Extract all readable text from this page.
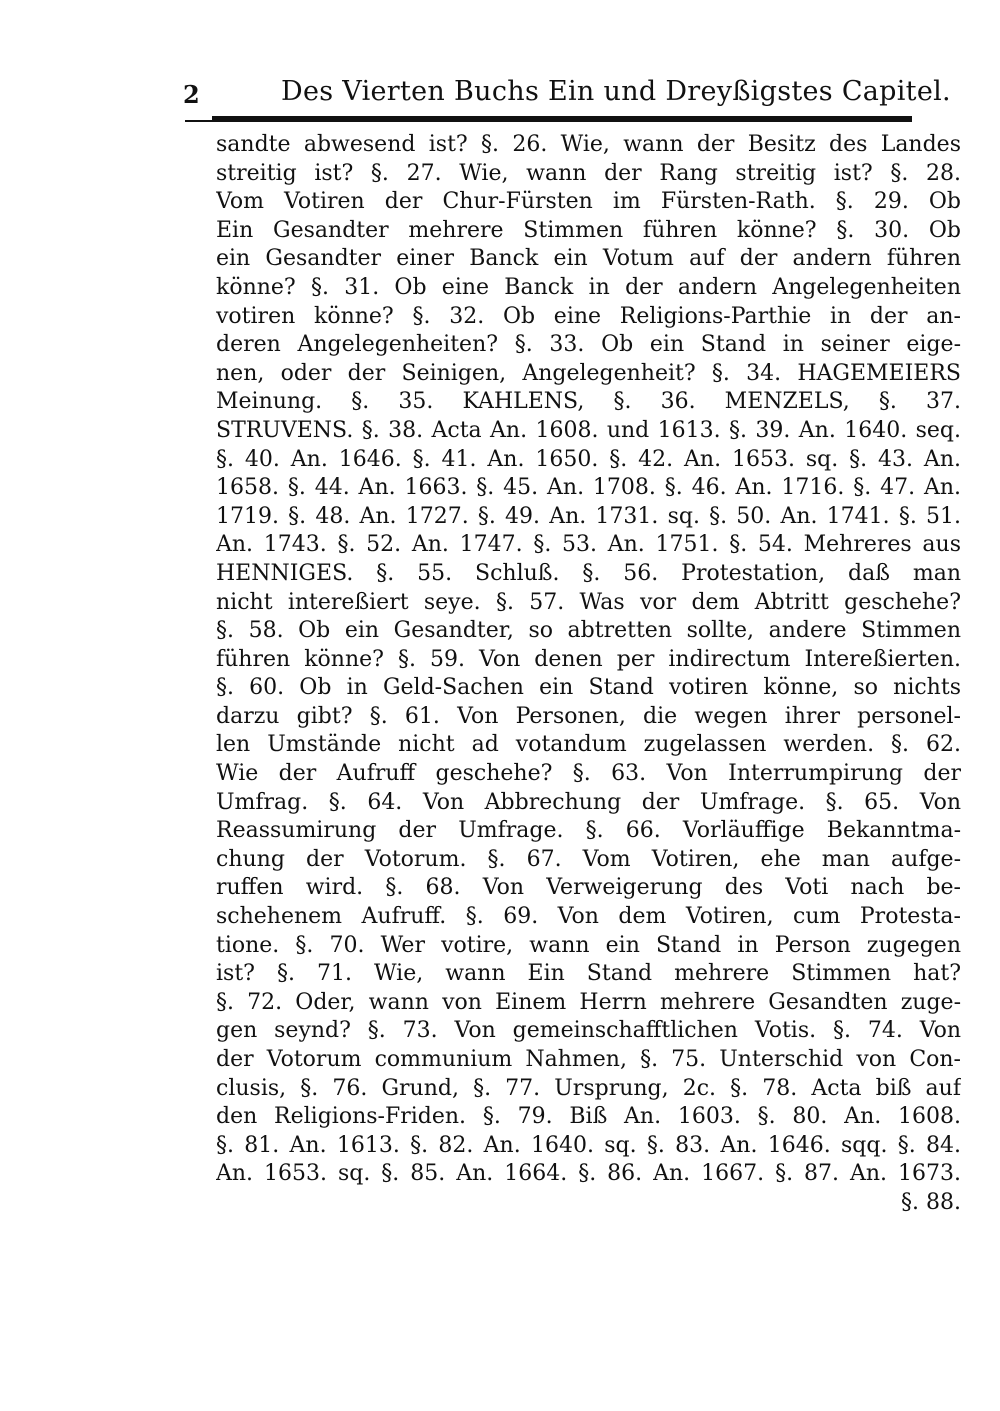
2	Des Vierten Buchs Ein und Dreyßigstes Capitel.
sandte abwesend ist? §. 26. Wie, wann der Besitz des Landes
streitig ist? §. 27. Wie, wann der Rang streitig ist? §. 28.
Vom Votiren der Chur-Fürsten im Fürsten-Rath. §. 29. Ob
Ein Gesandter mehrere Stimmen führen könne? §. 30. Ob
ein Gesandter einer Banck ein Votum auf der andern führen
könne? §. 31. Ob eine Banck in der andern Angelegenheiten
votiren könne? §. 32. Ob eine Religions-Parthie in der an-
deren Angelegenheiten? §. 33. Ob ein Stand in seiner eige-
nen, oder der Seinigen, Angelegenheit? §. 34. HAGEMEIERS
Meinung. §. 35. KAHLENS, §. 36. MENZELS, §. 37.
STRUVENS. §. 38. Acta An. 1608. und 1613. §. 39. An. 1640. seq.
§. 40. An. 1646. §. 41. An. 1650. §. 42. An. 1653. sq. §. 43. An.
1658. §. 44. An. 1663. §. 45. An. 1708. §. 46. An. 1716. §. 47. An.
1719. §. 48. An. 1727. §. 49. An. 1731. sq. §. 50. An. 1741. §. 51.
An. 1743. §. 52. An. 1747. §. 53. An. 1751. §. 54. Mehreres aus
HENNIGES. §. 55. Schluß. §. 56. Protestation, daß man
nicht intereßiert seye. §. 57. Was vor dem Abtritt geschehe?
§. 58. Ob ein Gesandter, so abtretten sollte, andere Stimmen
führen könne? §. 59. Von denen per indirectum Intereßierten.
§. 60. Ob in Geld-Sachen ein Stand votiren könne, so nichts
darzu gibt? §. 61. Von Personen, die wegen ihrer personel-
len Umstände nicht ad votandum zugelassen werden. §. 62.
Wie der Aufruff geschehe? §. 63. Von Interrumpirung der
Umfrag. §. 64. Von Abbrechung der Umfrage. §. 65. Von
Reassumirung der Umfrage. §. 66. Vorläuffige Bekanntma-
chung der Votorum. §. 67. Vom Votiren, ehe man aufge-
ruffen wird. §. 68. Von Verweigerung des Voti nach be-
schehenem Aufruff. §. 69. Von dem Votiren, cum Protesta-
tione. §. 70. Wer votire, wann ein Stand in Person zugegen
ist? §. 71. Wie, wann Ein Stand mehrere Stimmen hat?
§. 72. Oder, wann von Einem Herrn mehrere Gesandten zuge-
gen seynd? §. 73. Von gemeinschafftlichen Votis. §. 74. Von
der Votorum communium Nahmen, §. 75. Unterschid von Con-
clusis, §. 76. Grund, §. 77. Ursprung, 2c. §. 78. Acta biß auf
den Religions-Friden. §. 79. Biß An. 1603. §. 80. An. 1608.
§. 81. An. 1613. §. 82. An. 1640. sq. §. 83. An. 1646. sqq. §. 84.
An. 1653. sq. §. 85. An. 1664. §. 86. An. 1667. §. 87. An. 1673.
§. 88.
